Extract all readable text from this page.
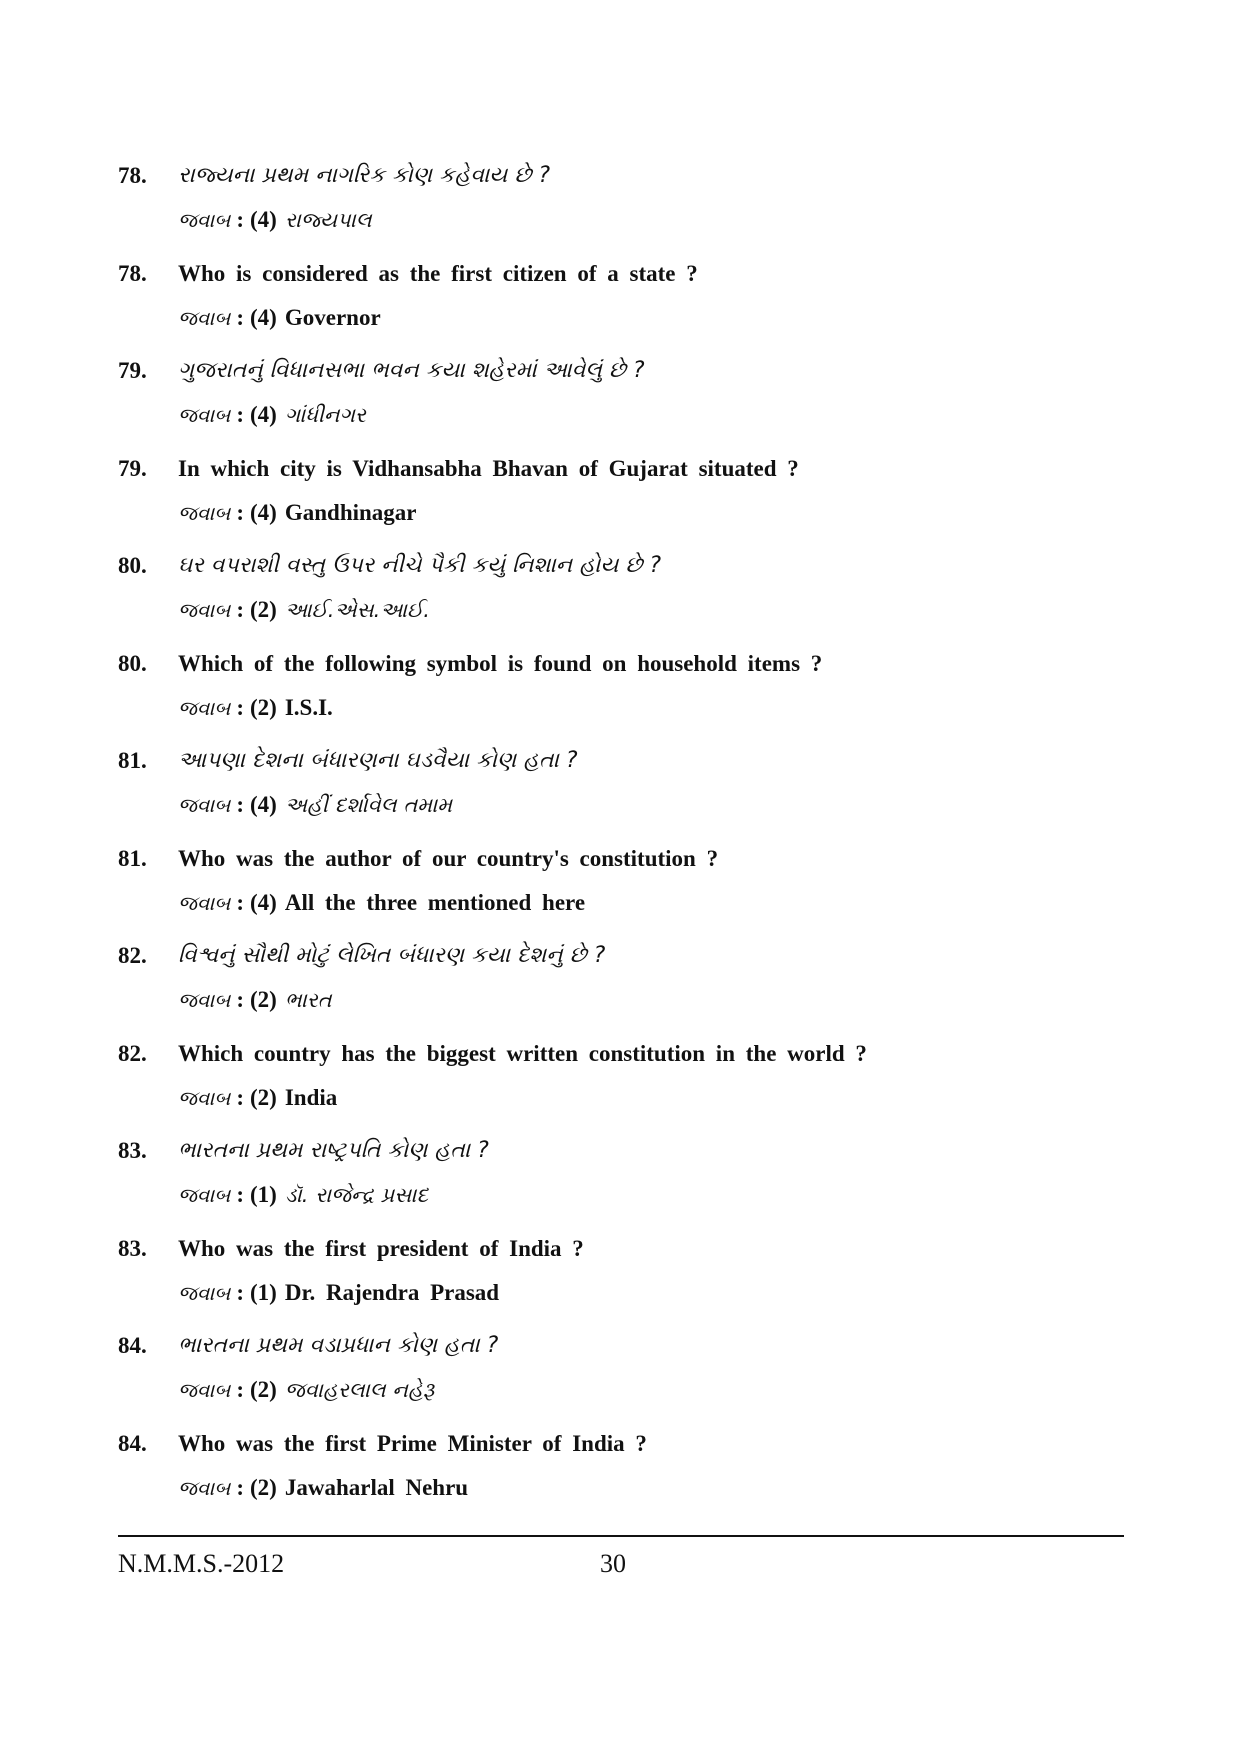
78. રાજ્યના પ્રથમ નાગરિક કોણ કહેવાય છે ?
જવાબ : (4) રાજ્યપાલ
78. Who is considered as the first citizen of a state ?
જવાબ : (4) Governor
79. ગુજરાતનું વિધાનસભા ભવન કયા શહેરમાં આવેલું છે ?
જવાબ : (4) ગાંધીનગર
79. In which city is Vidhansabha Bhavan of Gujarat situated ?
જવાબ : (4) Gandhinagar
80. ઘર વપરાશી વસ્તુ ઉપર નીચે પૈકી કયું નિશાન હોય છે ?
જવાબ : (2) આઈ.એસ.આઈ.
80. Which of the following symbol is found on household items ?
જવાબ : (2) I.S.I.
81. આપણા દેશના બંધારણના ઘડવૈયા કોણ હતા ?
જવાબ : (4) અહીં દર્શાવેલ તમામ
81. Who was the author of our country's constitution ?
જવાબ : (4) All the three mentioned here
82. વિશ્વનું સૌથી મોટું લેખિત બંધારણ કયા દેશનું છે ?
જવાબ : (2) ભારત
82. Which country has the biggest written constitution in the world ?
જવાબ : (2) India
83. ભારતના પ્રથમ રાષ્ટ્રપતિ કોણ હતા ?
જવાબ : (1) ડૉ. રાજેન્દ્ર પ્રસાદ
83. Who was the first president of India ?
જવાબ : (1) Dr. Rajendra Prasad
84. ભારતના પ્રથમ વડાપ્રધાન કોણ હતા ?
જવાબ : (2) જવાહરલાલ નહેરૂ
84. Who was the first Prime Minister of India ?
જવાબ : (2) Jawaharlal Nehru
N.M.M.S.-2012	30
